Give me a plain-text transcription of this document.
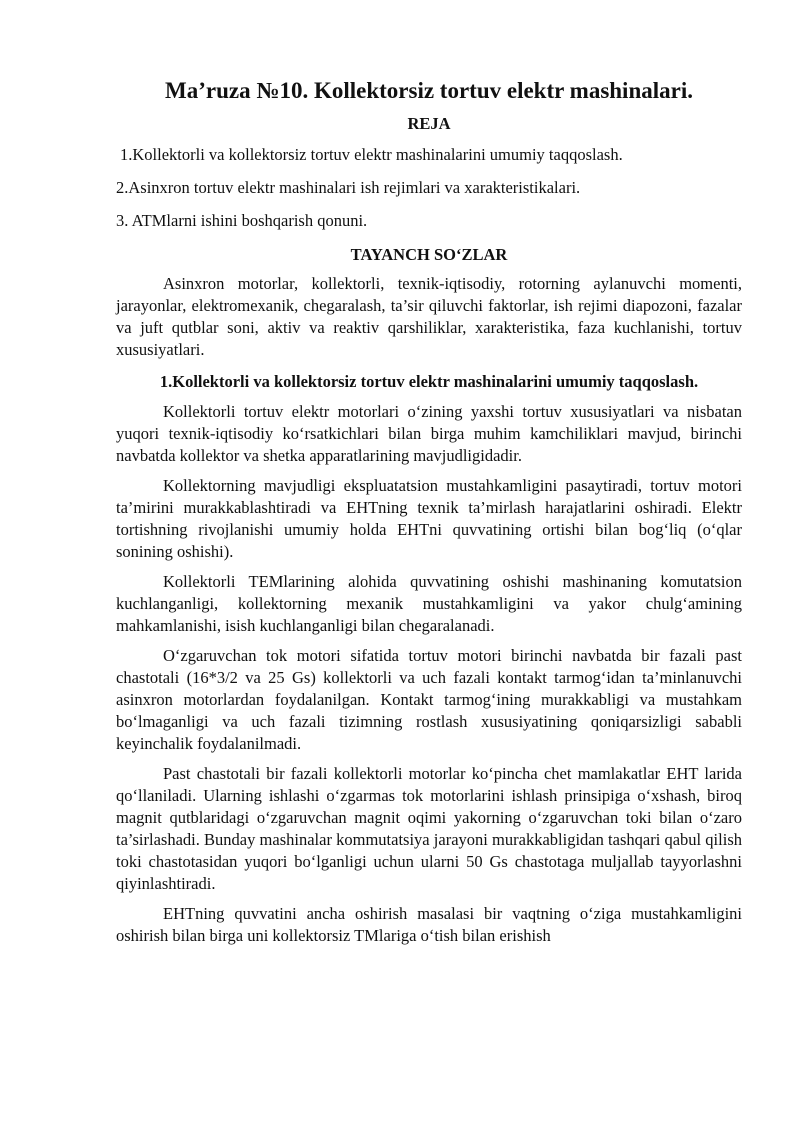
Ma’ruza №10. Kollektorsiz tortuv elektr mashinalari.

REJA

1.Kollektorli va kollektorsiz tortuv elektr mashinalarini umumiy taqqoslash.

2.Asinxron tortuv elektr mashinalari ish rejimlari va xarakteristikalari.

3. ATMlarni ishini boshqarish qonuni.

TAYANCH SO‘ZLAR

Asinxron motorlar, kollektorli, texnik-iqtisodiy, rotorning aylanuvchi momenti, jarayonlar, elektromexanik, chegaralash, ta’sir qiluvchi faktorlar, ish rejimi diapozoni, fazalar va juft qutblar soni, aktiv va reaktiv qarshiliklar, xarakteristika, faza kuchlanishi, tortuv xususiyatlari.

1.Kollektorli va kollektorsiz tortuv elektr mashinalarini umumiy taqqoslash.

Kollektorli tortuv elektr motorlari o‘zining yaxshi tortuv xususiyatlari va nisbatan yuqori texnik-iqtisodiy ko‘rsatkichlari bilan birga muhim kamchiliklari mavjud, birinchi navbatda kollektor va shetka apparatlarining mavjudligidadir.

Kollektorning mavjudligi ekspluatatsion mustahkamligini pasaytiradi, tortuv motori ta’mirini murakkablashtiradi va EHTning texnik ta’mirlash harajatlarini oshiradi. Elektr tortishning rivojlanishi umumiy holda EHTni quvvatining ortishi bilan bog‘liq (o‘qlar sonining oshishi).

Kollektorli TEMlarining alohida quvvatining oshishi mashinaning komutatsion kuchlanganligi, kollektorning mexanik mustahkamligini va yakor chulg‘amining mahkamlanishi, isish kuchlanganligi bilan chegaralanadi.

O‘zgaruvchan tok motori sifatida tortuv motori birinchi navbatda bir fazali past chastotali (16*3/2 va 25 Gs) kollektorli va uch fazali kontakt tarmog‘idan ta’minlanuvchi asinxron motorlardan foydalanilgan. Kontakt tarmog‘ining murakkabligi va mustahkam bo‘lmaganligi va uch fazali tizimning rostlash xususiyatining qoniqarsizligi sababli keyinchalik foydalanilmadi.

Past chastotali bir fazali kollektorli motorlar ko‘pincha chet mamlakatlar EHT larida qo‘llaniladi. Ularning ishlashi o‘zgarmas tok motorlarini ishlash prinsipiga o‘xshash, biroq magnit qutblaridagi o‘zgaruvchan magnit oqimi yakorning o‘zgaruvchan toki bilan o‘zaro ta’sirlashadi. Bunday mashinalar kommutatsiya jarayoni murakkabligidan tashqari qabul qilish toki chastotasidan yuqori bo‘lganligi uchun ularni 50 Gs chastotaga muljallab tayyorlashni qiyinlashtiradi.

EHTning quvvatini ancha oshirish masalasi bir vaqtning o‘ziga mustahkamligini oshirish bilan birga uni kollektorsiz TMlariga o‘tish bilan erishish
